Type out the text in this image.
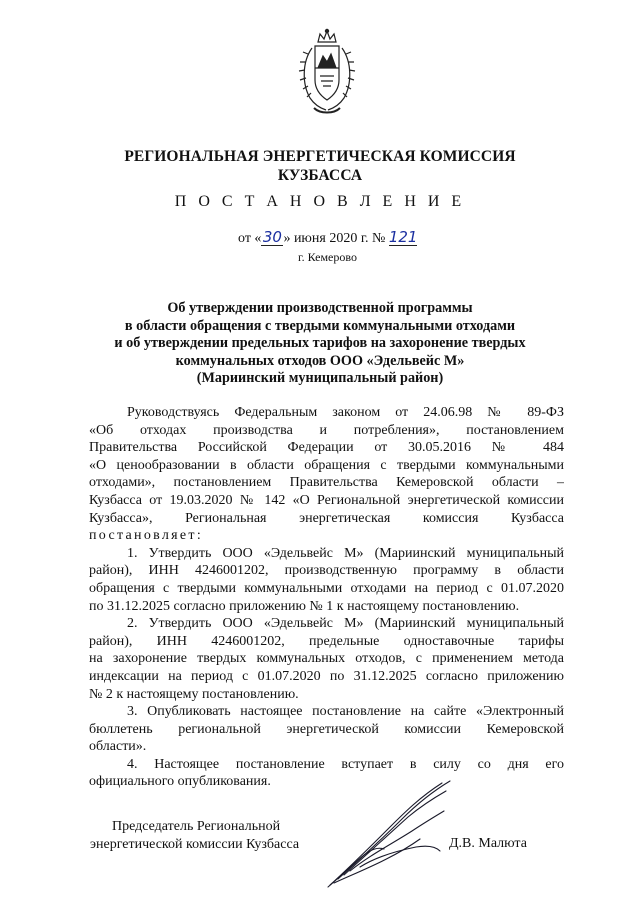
РЕГИОНАЛЬНАЯ ЭНЕРГЕТИЧЕСКАЯ КОМИССИЯ
КУЗБАССА
П О С Т А Н О В Л Е Н И Е
от «30» июня 2020 г. № 121
г. Кемерово
Об утверждении производственной программы
в области обращения с твердыми коммунальными отходами
и об утверждении предельных тарифов на захоронение твердых
коммунальных отходов ООО «Эдельвейс М»
(Мариинский муниципальный район)
Руководствуясь Федеральным законом от 24.06.98 № 89-ФЗ
«Об отходах производства и потребления», постановлением
Правительства Российской Федерации от 30.05.2016 № 484
«О ценообразовании в области обращения с твердыми коммунальными
отходами», постановлением Правительства Кемеровской области –
Кузбасса от 19.03.2020 № 142 «О Региональной энергетической комиссии
Кузбасса», Региональная энергетическая комиссия Кузбасса
постановляет:
1. Утвердить ООО «Эдельвейс М» (Мариинский муниципальный
район), ИНН 4246001202, производственную программу в области
обращения с твердыми коммунальными отходами на период с 01.07.2020
по 31.12.2025 согласно приложению № 1 к настоящему постановлению.
2. Утвердить ООО «Эдельвейс М» (Мариинский муниципальный
район), ИНН 4246001202, предельные одноставочные тарифы
на захоронение твердых коммунальных отходов, с применением метода
индексации на период с 01.07.2020 по 31.12.2025 согласно приложению
№ 2 к настоящему постановлению.
3. Опубликовать настоящее постановление на сайте «Электронный
бюллетень региональной энергетической комиссии Кемеровской
области».
4. Настоящее постановление вступает в силу со дня его
официального опубликования.
Председатель Региональной
энергетической комиссии Кузбасса	Д.В. Малюта
